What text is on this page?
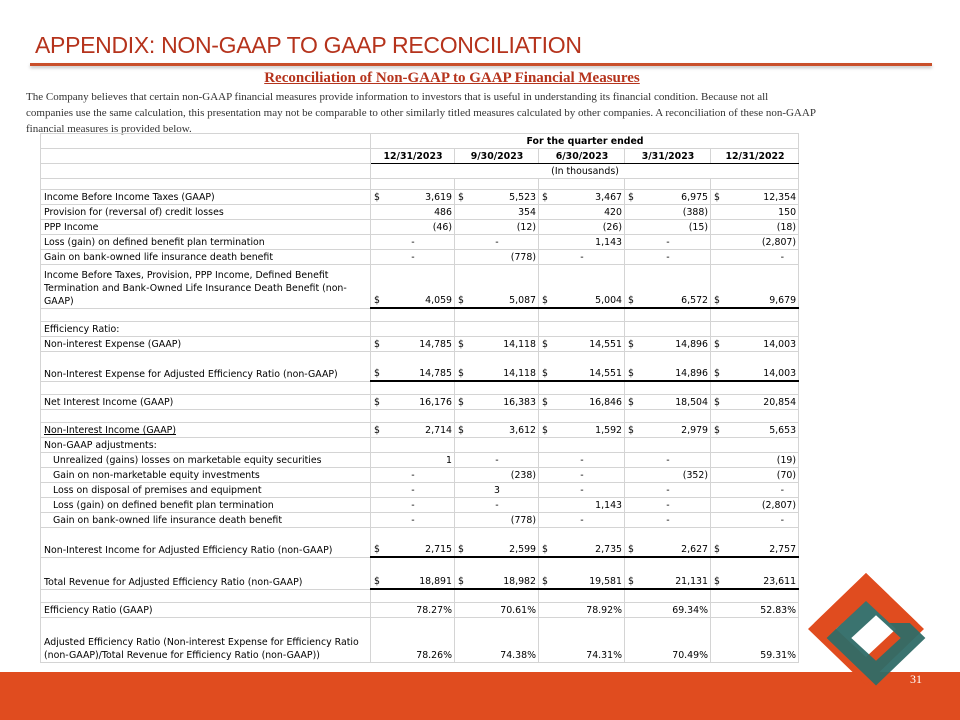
APPENDIX: NON-GAAP TO GAAP RECONCILIATION
Reconciliation of Non-GAAP to GAAP Financial Measures
The Company believes that certain non-GAAP financial measures provide information to investors that is useful in understanding its financial condition. Because not all companies use the same calculation, this presentation may not be comparable to other similarly titled measures calculated by other companies. A reconciliation of these non-GAAP financial measures is provided below.
	For the quarter ended				
	12/31/2023	9/30/2023	6/30/2023	3/31/2023	12/31/2022
	(In thousands)				

Income Before Income Taxes (GAAP)	$ 3,619	$ 5,523	$ 3,467	$ 6,975	$ 12,354
Provision for (reversal of) credit losses	486	354	420	(388)	150
PPP Income	(46)	(12)	(26)	(15)	(18)
Loss (gain) on defined benefit plan termination	-	-	1,143	-	(2,807)
Gain on bank-owned life insurance death benefit	-	(778)	-	-	-
Income Before Taxes, Provision, PPP Income, Defined Benefit Termination and Bank-Owned Life Insurance Death Benefit (non-GAAP)	$ 4,059	$ 5,087	$ 5,004	$ 6,572	$ 9,679

Efficiency Ratio:					
Non-interest Expense (GAAP)	$ 14,785	$ 14,118	$ 14,551	$ 14,896	$ 14,003
Non-Interest Expense for Adjusted Efficiency Ratio (non-GAAP)	$ 14,785	$ 14,118	$ 14,551	$ 14,896	$ 14,003

Net Interest Income (GAAP)	$ 16,176	$ 16,383	$ 16,846	$ 18,504	$ 20,854

Non-Interest Income (GAAP)	$ 2,714	$ 3,612	$ 1,592	$ 2,979	$ 5,653
Non-GAAP adjustments:					
Unrealized (gains) losses on marketable equity securities	1	-	-	-	(19)
Gain on non-marketable equity investments	-	(238)	-	(352)	(70)
Loss on disposal of premises and equipment	-	3	-	-	-
Loss (gain) on defined benefit plan termination	-	-	1,143	-	(2,807)
Gain on bank-owned life insurance death benefit	-	(778)	-	-	-
Non-Interest Income for Adjusted Efficiency Ratio (non-GAAP)	$ 2,715	$ 2,599	$ 2,735	$ 2,627	$ 2,757
Total Revenue for Adjusted Efficiency Ratio (non-GAAP)	$ 18,891	$ 18,982	$ 19,581	$ 21,131	$ 23,611

Efficiency Ratio (GAAP)	78.27%	70.61%	78.92%	69.34%	52.83%
Adjusted Efficiency Ratio (Non-interest Expense for Efficiency Ratio (non-GAAP)/Total Revenue for Efficiency Ratio (non-GAAP))	78.26%	74.38%	74.31%	70.49%	59.31%
31
